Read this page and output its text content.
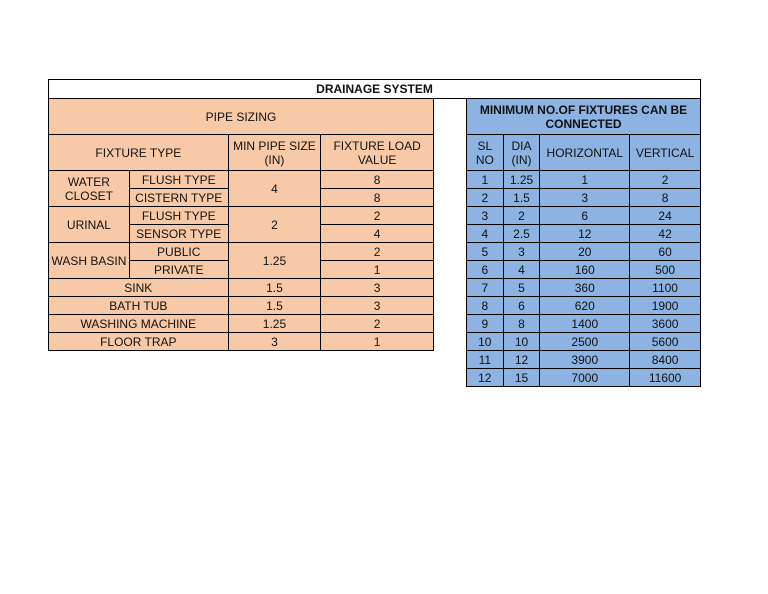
DRAINAGE SYSTEM
PIPE SIZING			
FIXTURE TYPE		MIN PIPE SIZE (IN)	FIXTURE LOAD VALUE
WATER CLOSET	FLUSH TYPE	4	8
	CISTERN TYPE		8
URINAL	FLUSH TYPE	2	2
	SENSOR TYPE		4
WASH BASIN	PUBLIC	1.25	2
	PRIVATE		1
SINK		1.5	3
BATH TUB		1.5	3
WASHING MACHINE		1.25	2
FLOOR TRAP		3	1
MINIMUM NO.OF FIXTURES CAN BE CONNECTED			
SL NO	DIA (IN)	HORIZONTAL	VERTICAL
1	1.25	1	2
2	1.5	3	8
3	2	6	24
4	2.5	12	42
5	3	20	60
6	4	160	500
7	5	360	1100
8	6	620	1900
9	8	1400	3600
10	10	2500	5600
11	12	3900	8400
12	15	7000	11600
